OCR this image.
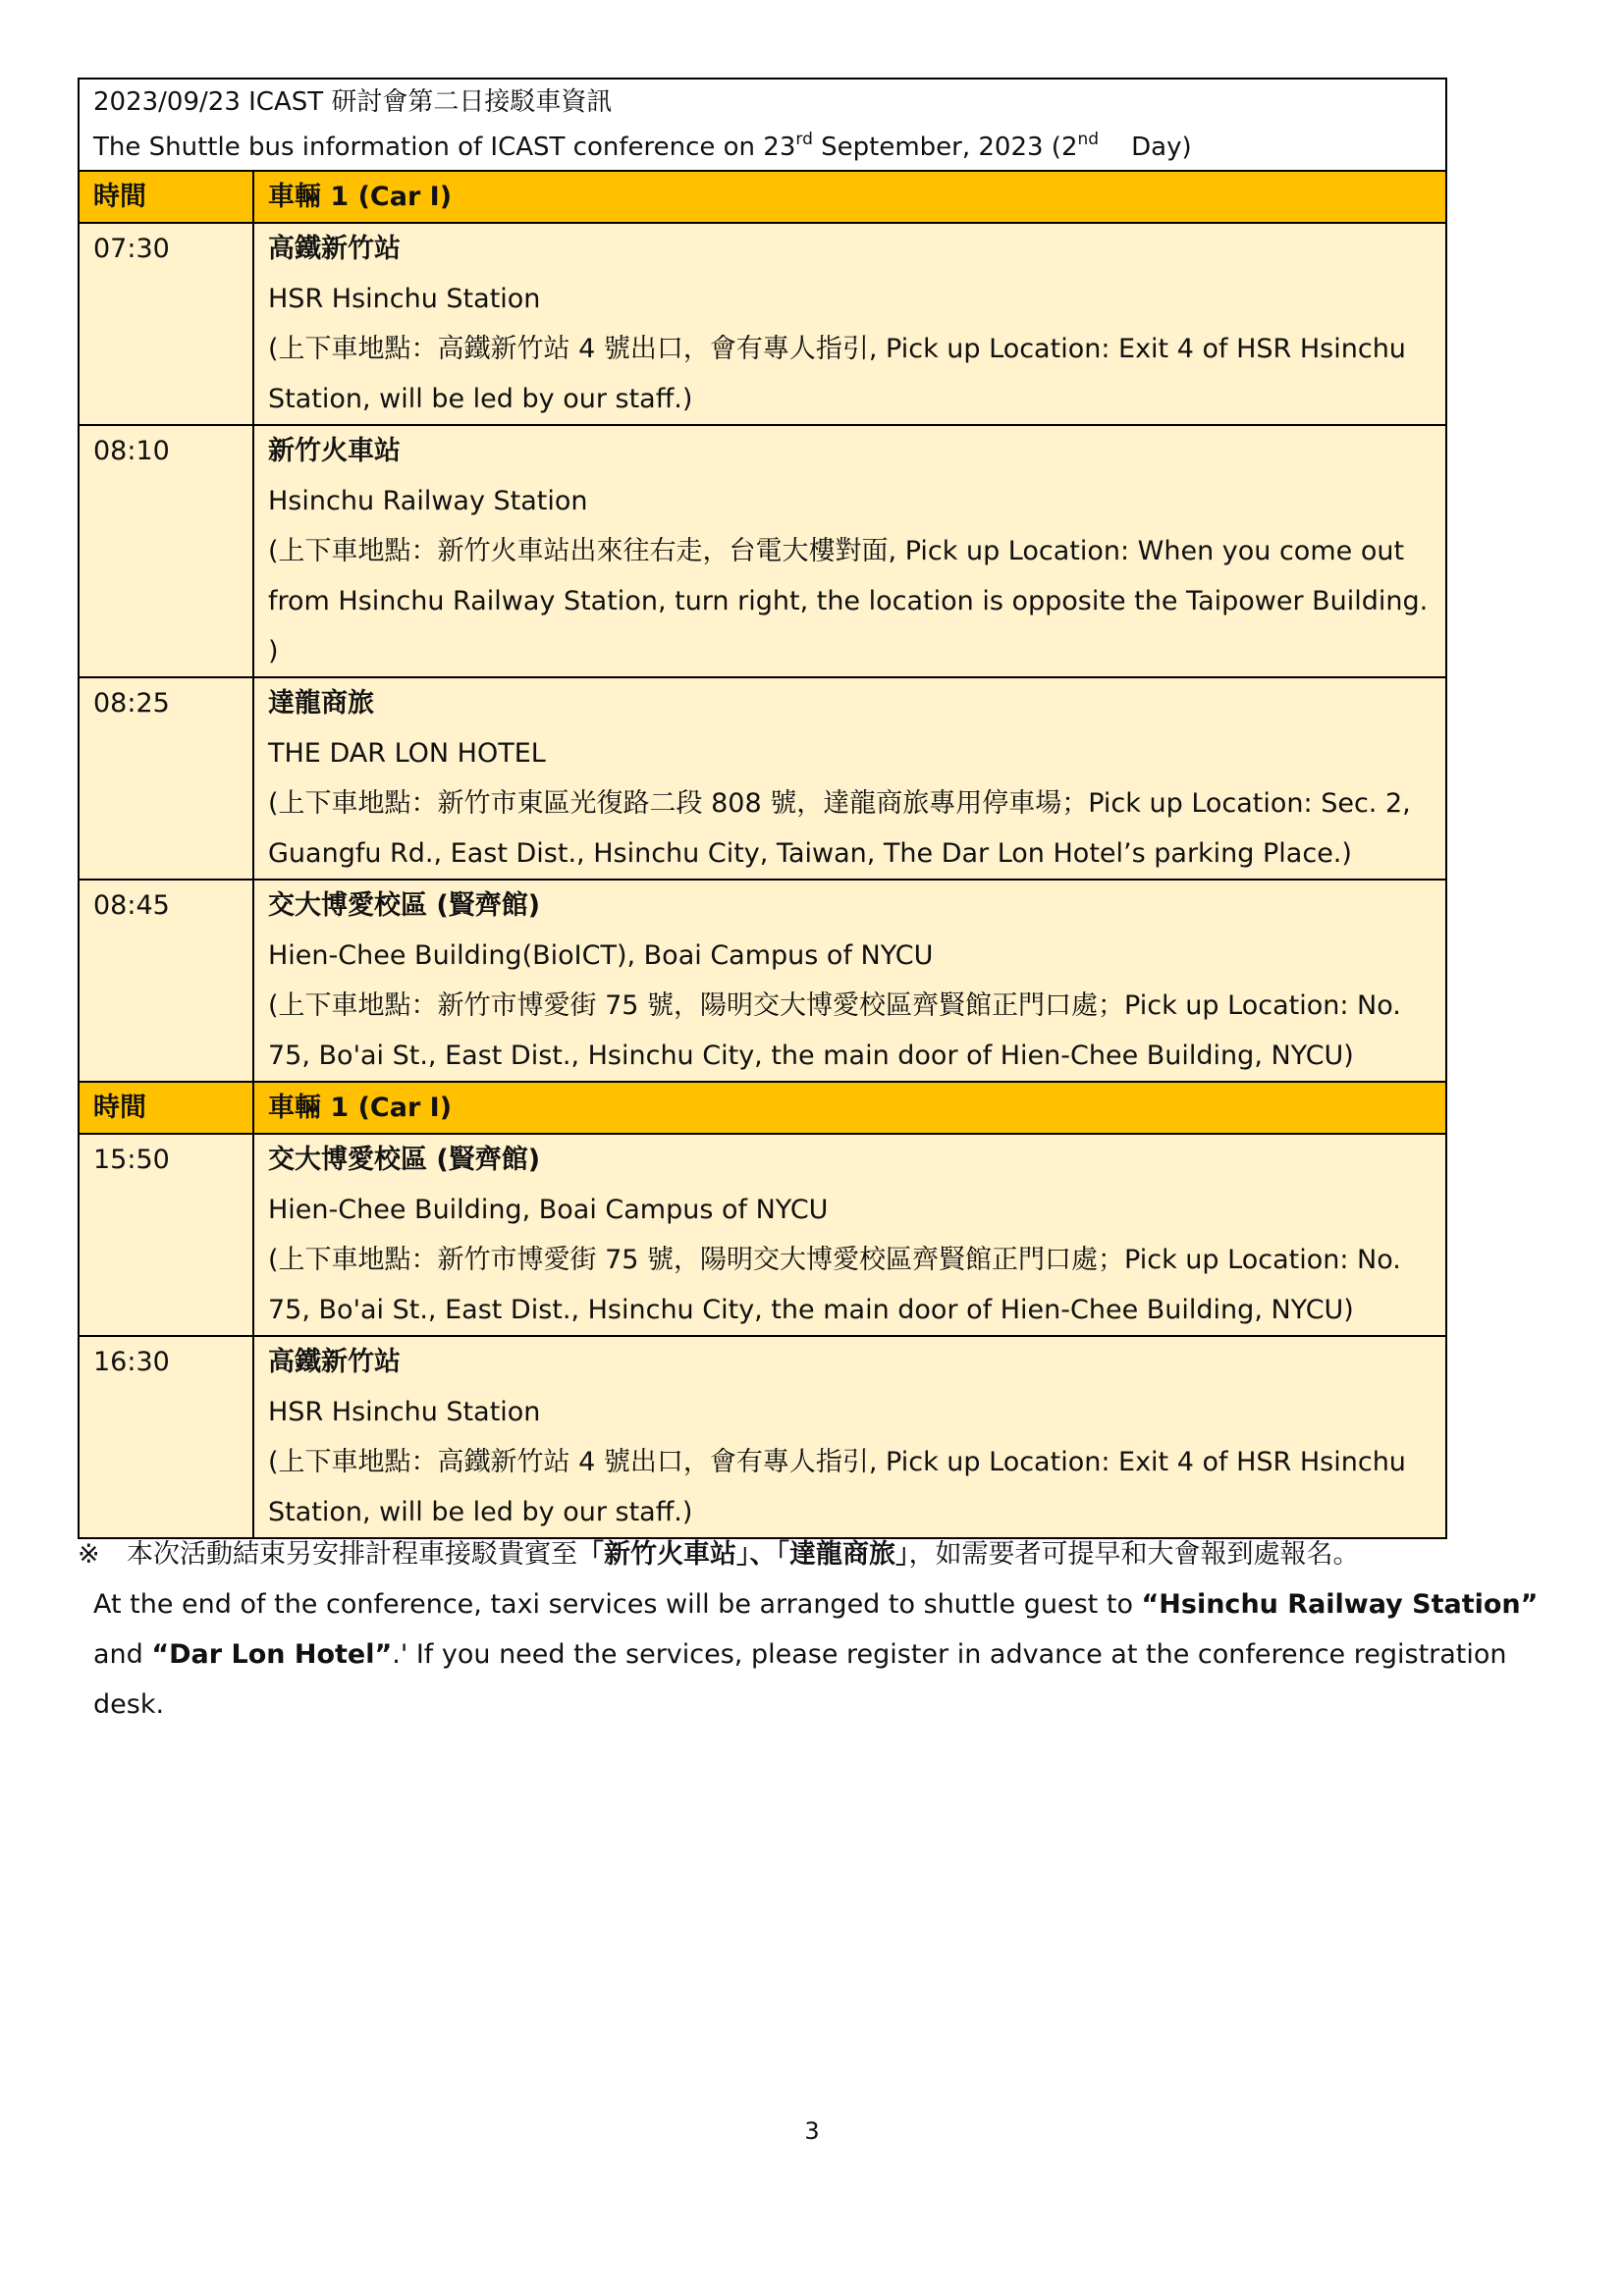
2023/09/23 ICAST 研討會第二日接駁車資訊
The Shuttle bus information of ICAST conference on 23rd September, 2023 (2nd    Day)	

時間	車輛 1 (Car Ⅰ)
07:30	高鐵新竹站
HSR Hsinchu Station
(上下車地點：高鐵新竹站 4 號出口，會有專人指引, Pick up Location: Exit 4 of HSR Hsinchu Station, will be led by our staff.)

08:10	新竹火車站
Hsinchu Railway Station
(上下車地點：新竹火車站出來往右走，台電大樓對面, Pick up Location: When you come out from Hsinchu Railway Station, turn right, the location is opposite the Taipower Building. )

08:25	達龍商旅
THE DAR LON HOTEL
(上下車地點：新竹市東區光復路二段 808 號，達龍商旅專用停車場；Pick up Location: Sec. 2, Guangfu Rd., East Dist., Hsinchu City, Taiwan, The Dar Lon Hotel’s parking Place.)

08:45	交大博愛校區 (賢齊館)
Hien-Chee Building(BioICT), Boai Campus of NYCU
(上下車地點：新竹市博愛街 75 號，陽明交大博愛校區齊賢館正門口處；Pick up Location: No. 75, Bo'ai St., East Dist., Hsinchu City, the main door of Hien-Chee Building, NYCU)

時間	車輛 1 (Car Ⅰ)
15:50	交大博愛校區 (賢齊館)
Hien-Chee Building, Boai Campus of NYCU
(上下車地點：新竹市博愛街 75 號，陽明交大博愛校區齊賢館正門口處；Pick up Location: No. 75, Bo'ai St., East Dist., Hsinchu City, the main door of Hien-Chee Building, NYCU)

16:30	高鐵新竹站
HSR Hsinchu Station
(上下車地點：高鐵新竹站 4 號出口，會有專人指引, Pick up Location: Exit 4 of HSR Hsinchu Station, will be led by our staff.)
※ 本次活動結束另安排計程車接駁貴賓至「新竹火車站」、「達龍商旅」，如需要者可提早和大會報到處報名。
At the end of the conference, taxi services will be arranged to shuttle guest to “Hsinchu Railway Station” and “Dar Lon Hotel”.' If you need the services, please register in advance at the conference registration desk.
3
